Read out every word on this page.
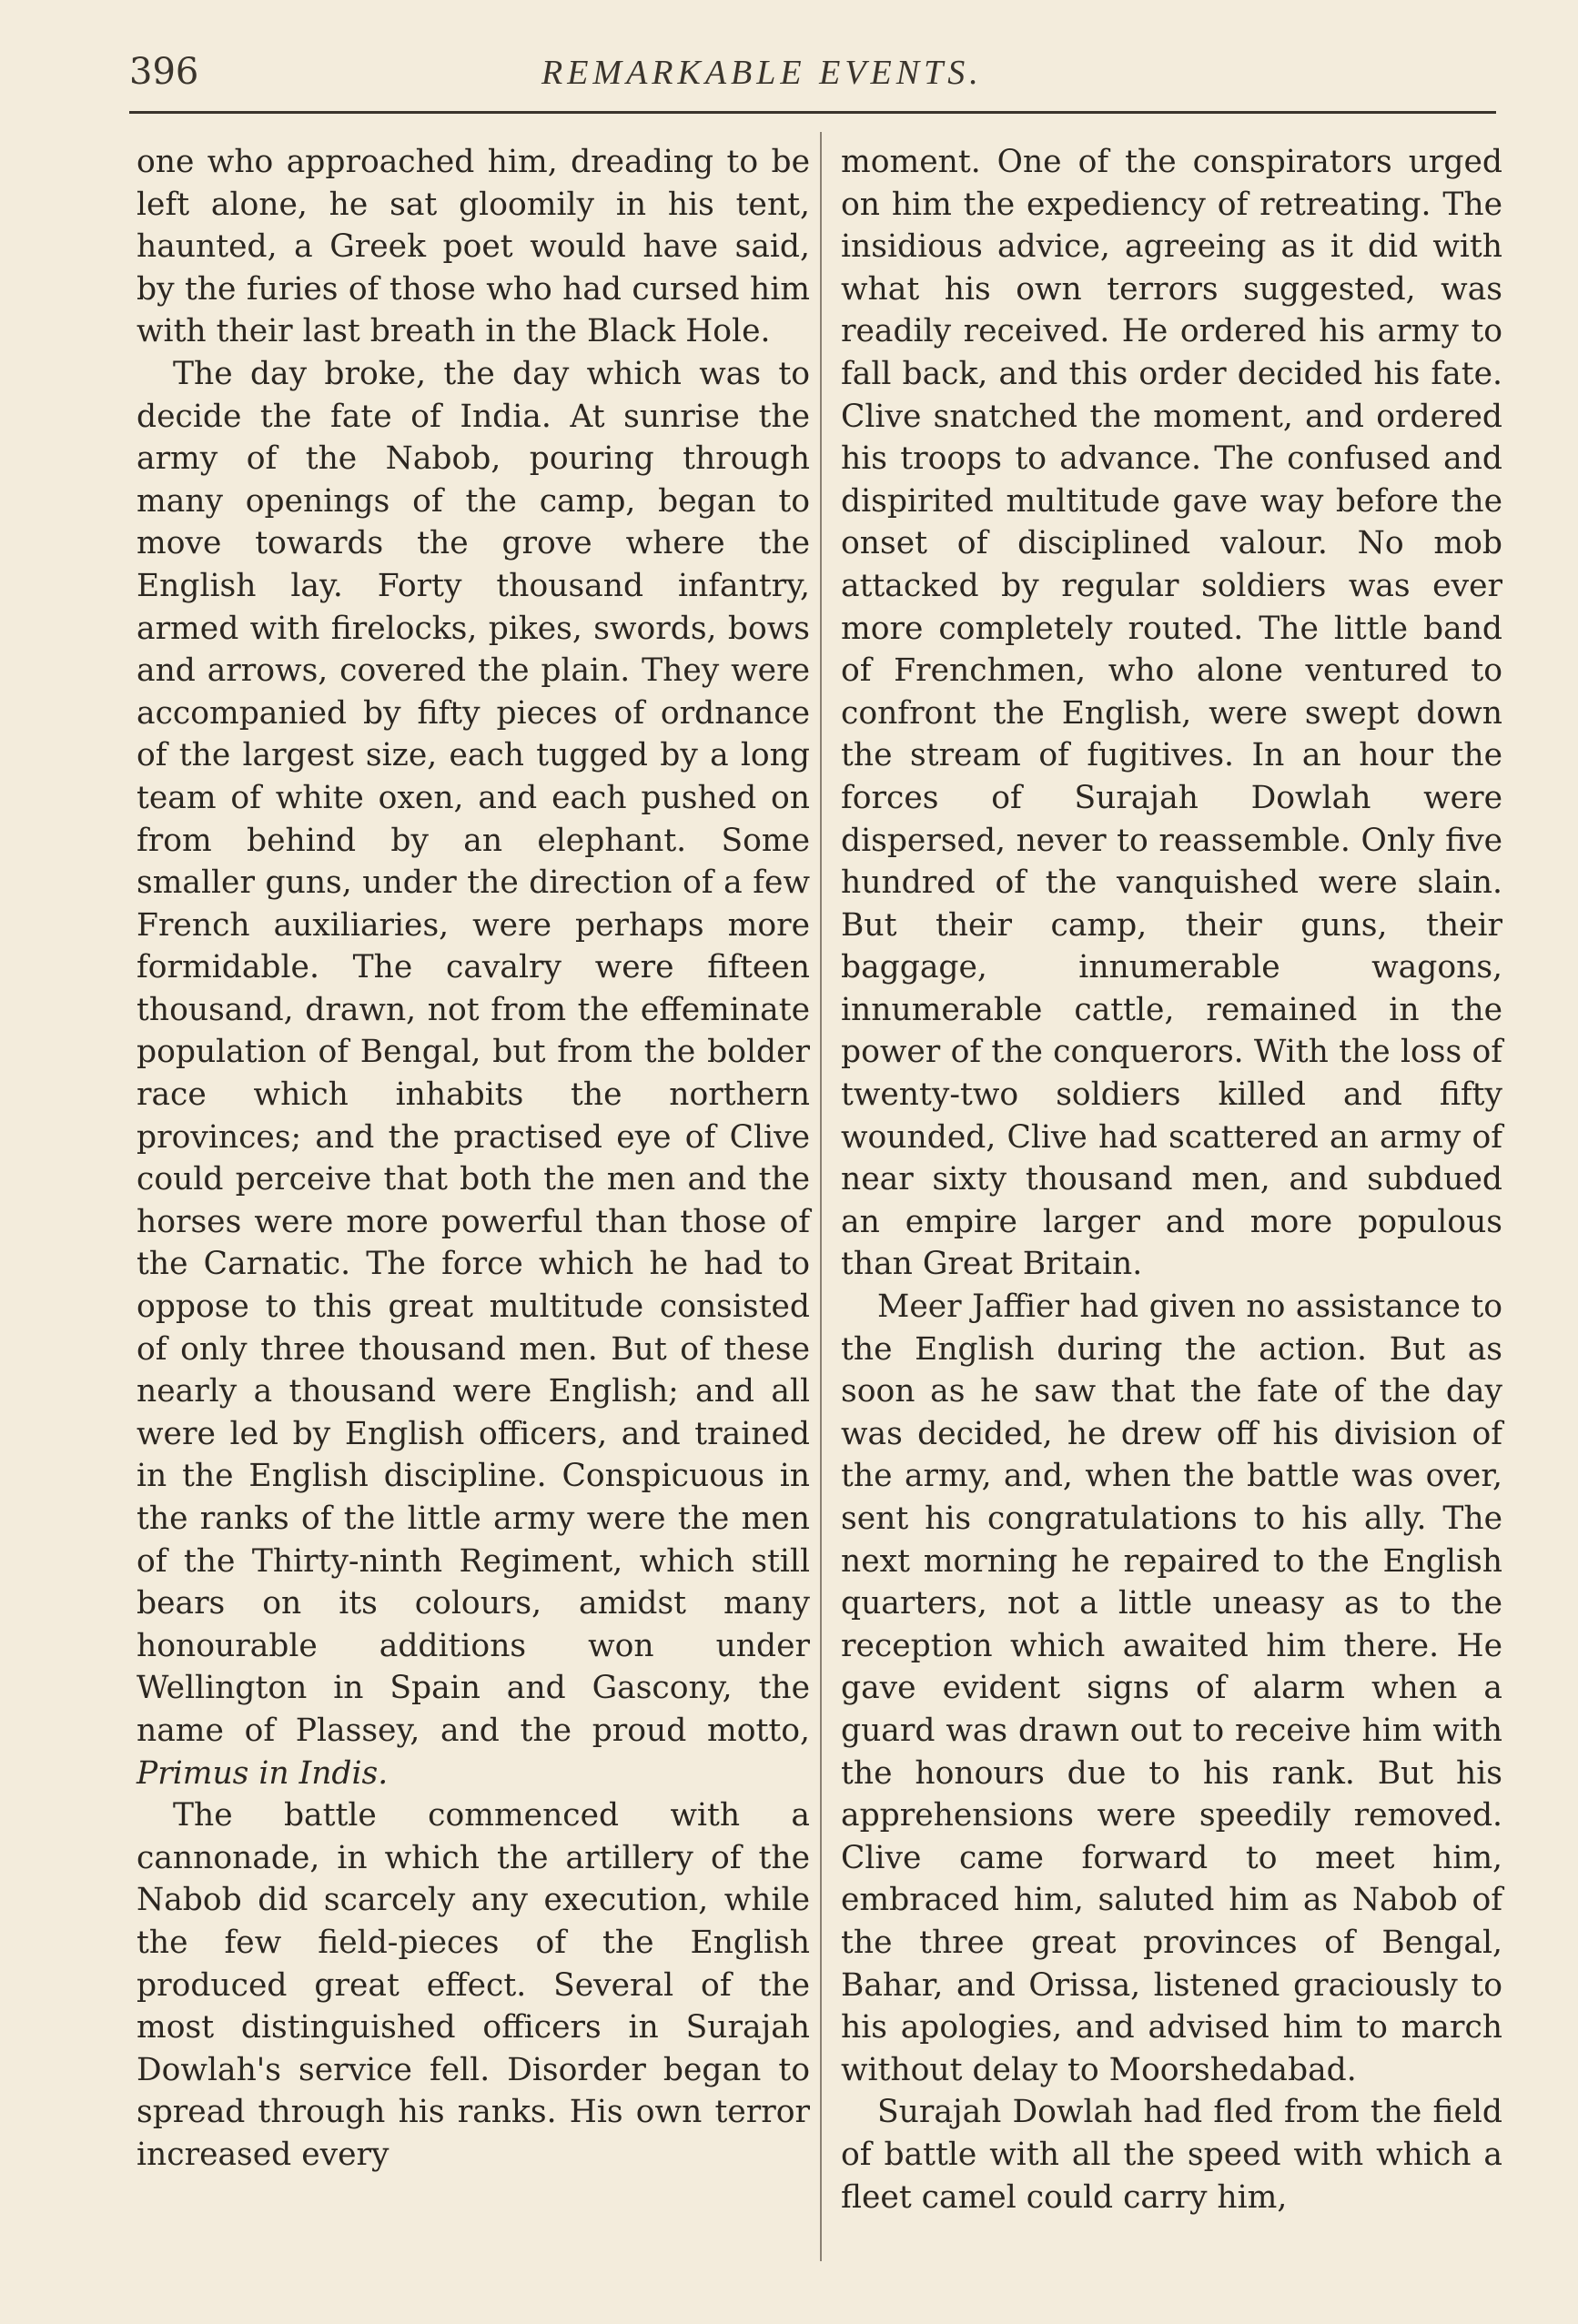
396	REMARKABLE EVENTS.

one who approached him, dreading to be left alone, he sat gloomily in his tent, haunted, a Greek poet would have said, by the furies of those who had cursed him with their last breath in the Black Hole.

The day broke, the day which was to decide the fate of India. At sunrise the army of the Nabob, pouring through many openings of the camp, began to move towards the grove where the English lay. Forty thousand infantry, armed with firelocks, pikes, swords, bows and arrows, covered the plain. They were accompanied by fifty pieces of ordnance of the largest size, each tugged by a long team of white oxen, and each pushed on from behind by an elephant. Some smaller guns, under the direction of a few French auxiliaries, were perhaps more formidable. The cavalry were fifteen thousand, drawn, not from the effeminate population of Bengal, but from the bolder race which inhabits the northern provinces; and the practised eye of Clive could perceive that both the men and the horses were more powerful than those of the Carnatic. The force which he had to oppose to this great multitude consisted of only three thousand men. But of these nearly a thousand were English; and all were led by English officers, and trained in the English discipline. Conspicuous in the ranks of the little army were the men of the Thirty-ninth Regiment, which still bears on its colours, amidst many honourable additions won under Wellington in Spain and Gascony, the name of Plassey, and the proud motto, Primus in Indis.

The battle commenced with a cannonade, in which the artillery of the Nabob did scarcely any execution, while the few field-pieces of the English produced great effect. Several of the most distinguished officers in Surajah Dowlah's service fell. Disorder began to spread through his ranks. His own terror increased every

moment. One of the conspirators urged on him the expediency of retreating. The insidious advice, agreeing as it did with what his own terrors suggested, was readily received. He ordered his army to fall back, and this order decided his fate. Clive snatched the moment, and ordered his troops to advance. The confused and dispirited multitude gave way before the onset of disciplined valour. No mob attacked by regular soldiers was ever more completely routed. The little band of Frenchmen, who alone ventured to confront the English, were swept down the stream of fugitives. In an hour the forces of Surajah Dowlah were dispersed, never to reassemble. Only five hundred of the vanquished were slain. But their camp, their guns, their baggage, innumerable wagons, innumerable cattle, remained in the power of the conquerors. With the loss of twenty-two soldiers killed and fifty wounded, Clive had scattered an army of near sixty thousand men, and subdued an empire larger and more populous than Great Britain.

Meer Jaffier had given no assistance to the English during the action. But as soon as he saw that the fate of the day was decided, he drew off his division of the army, and, when the battle was over, sent his congratulations to his ally. The next morning he repaired to the English quarters, not a little uneasy as to the reception which awaited him there. He gave evident signs of alarm when a guard was drawn out to receive him with the honours due to his rank. But his apprehensions were speedily removed. Clive came forward to meet him, embraced him, saluted him as Nabob of the three great provinces of Bengal, Bahar, and Orissa, listened graciously to his apologies, and advised him to march without delay to Moorshedabad.

Surajah Dowlah had fled from the field of battle with all the speed with which a fleet camel could carry him,
